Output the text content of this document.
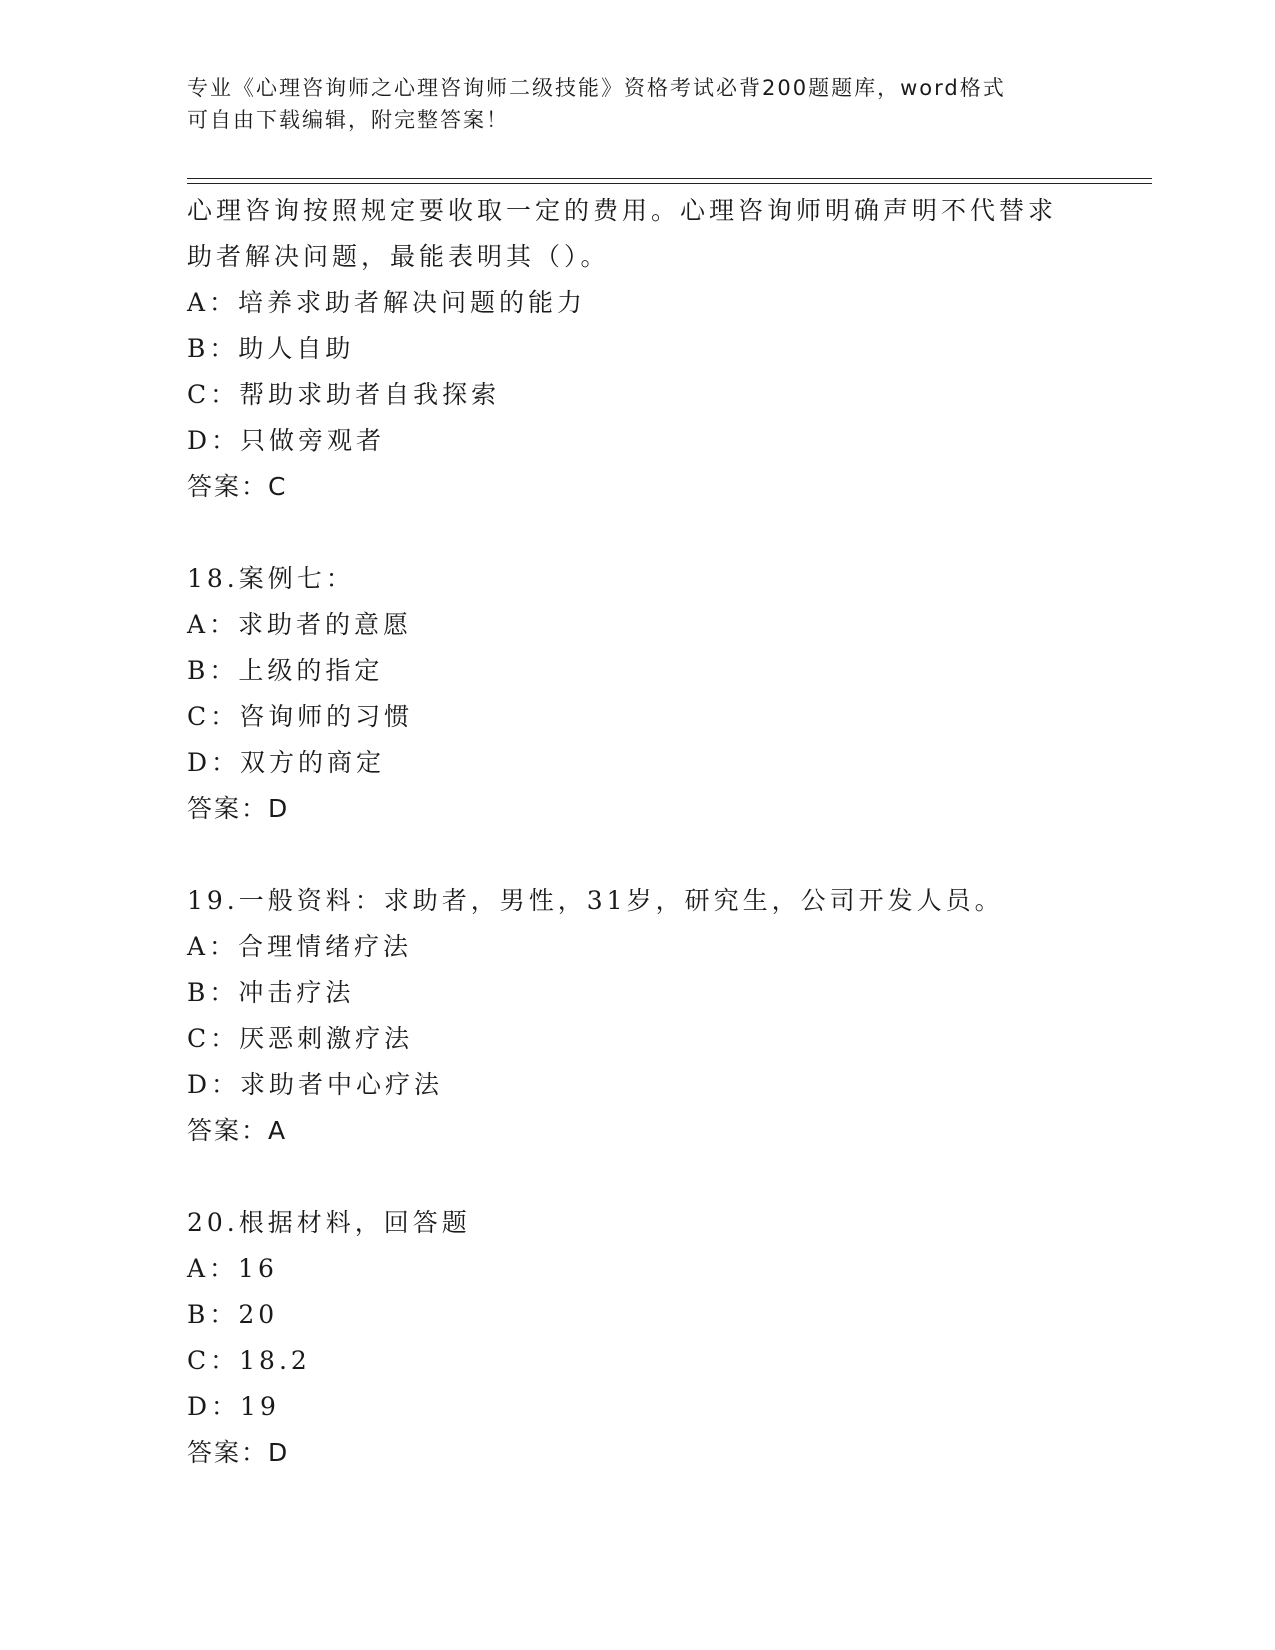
专业《心理咨询师之心理咨询师二级技能》资格考试必背200题题库，word格式
可自由下载编辑，附完整答案！
心理咨询按照规定要收取一定的费用。心理咨询师明确声明不代替求
助者解决问题，最能表明其（）。
A：培养求助者解决问题的能力
B：助人自助
C：帮助求助者自我探索
D：只做旁观者
答案：C
18.案例七：
A：求助者的意愿
B：上级的指定
C：咨询师的习惯
D：双方的商定
答案：D
19.一般资料：求助者，男性，31岁，研究生，公司开发人员。
A：合理情绪疗法
B：冲击疗法
C：厌恶刺激疗法
D：求助者中心疗法
答案：A
20.根据材料，回答题
A：16
B：20
C：18.2
D：19
答案：D
